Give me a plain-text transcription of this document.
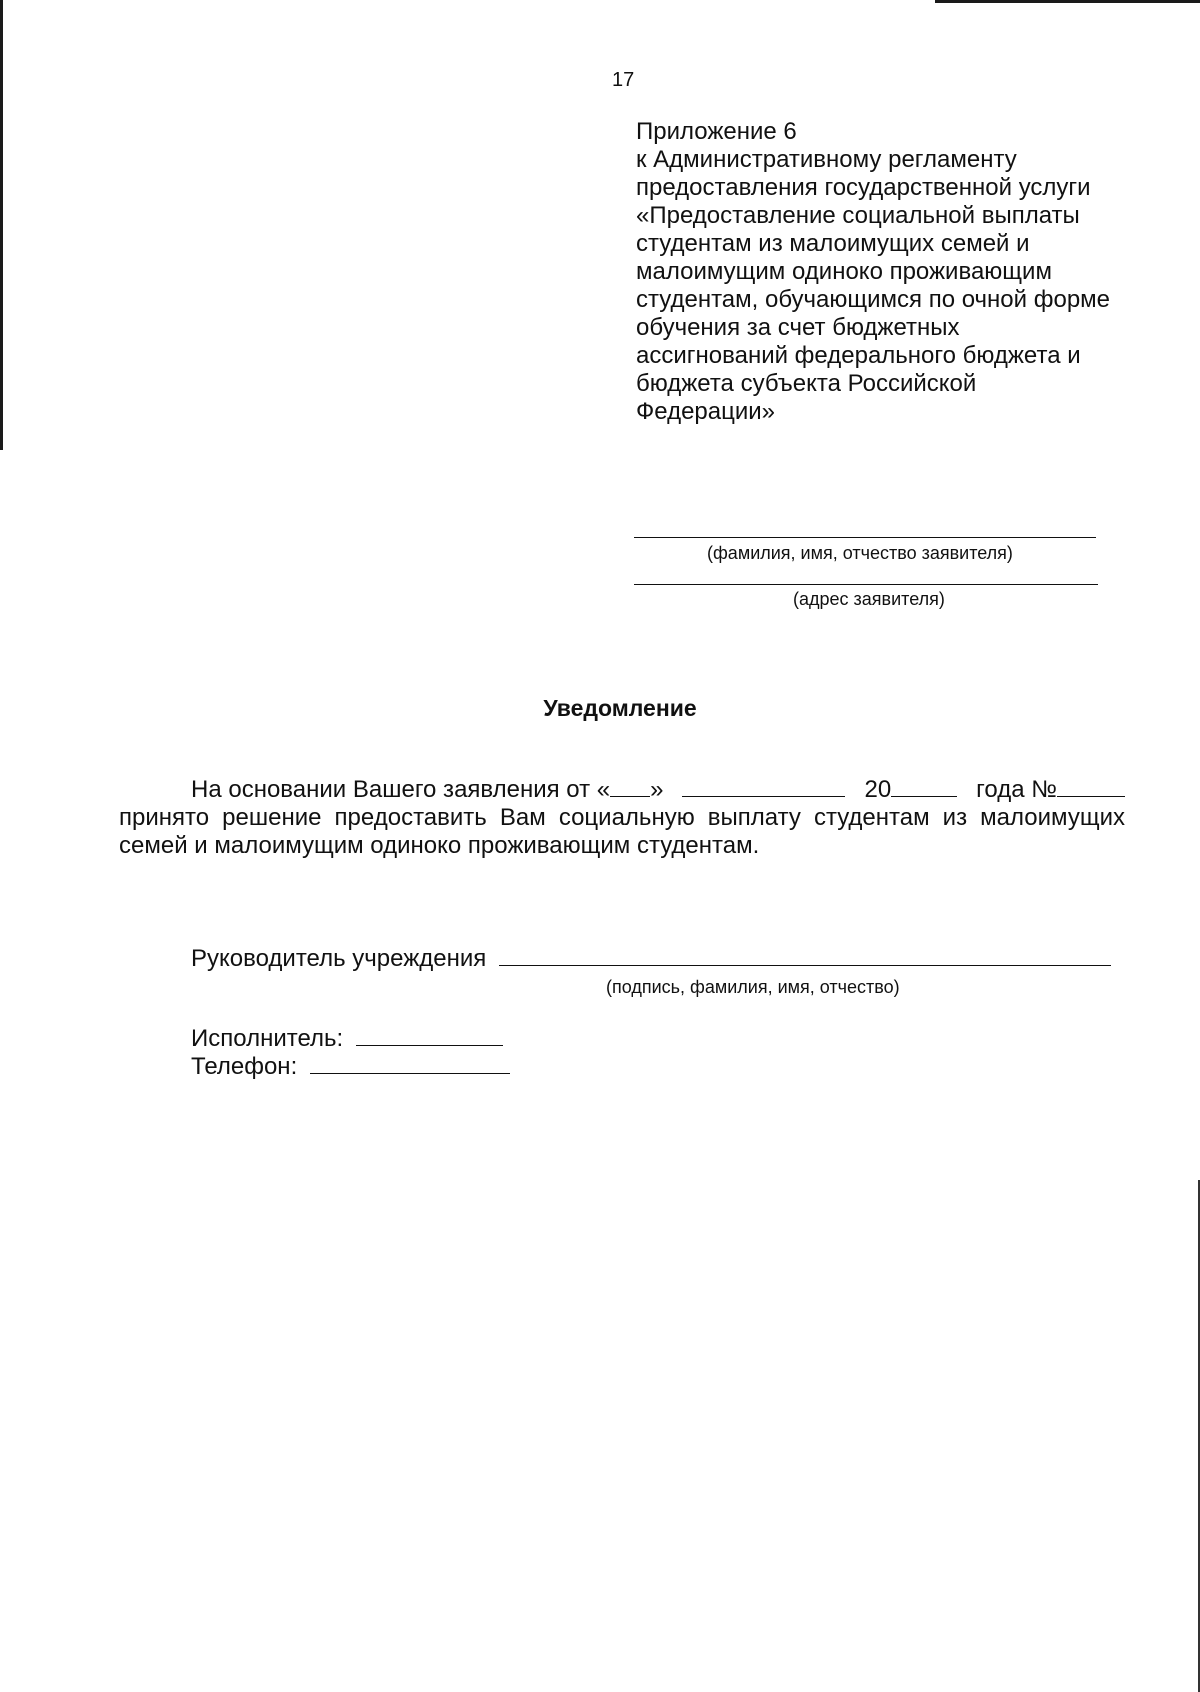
17
Приложение 6
к Административному регламенту
предоставления государственной услуги
«Предоставление социальной выплаты
студентам из малоимущих семей и
малоимущим одиноко проживающим
студентам, обучающимся по очной форме
обучения за счет бюджетных
ассигнований федерального бюджета и
бюджета субъекта Российской
Федерации»
(фамилия, имя, отчество заявителя)
(адрес заявителя)
Уведомление
На основании Вашего заявления от « »	20	года №
принято решение предоставить Вам социальную выплату студентам из малоимущих
семей и малоимущим одиноко проживающим студентам.
Руководитель учреждения
(подпись, фамилия, имя, отчество)
Исполнитель:
Телефон:
